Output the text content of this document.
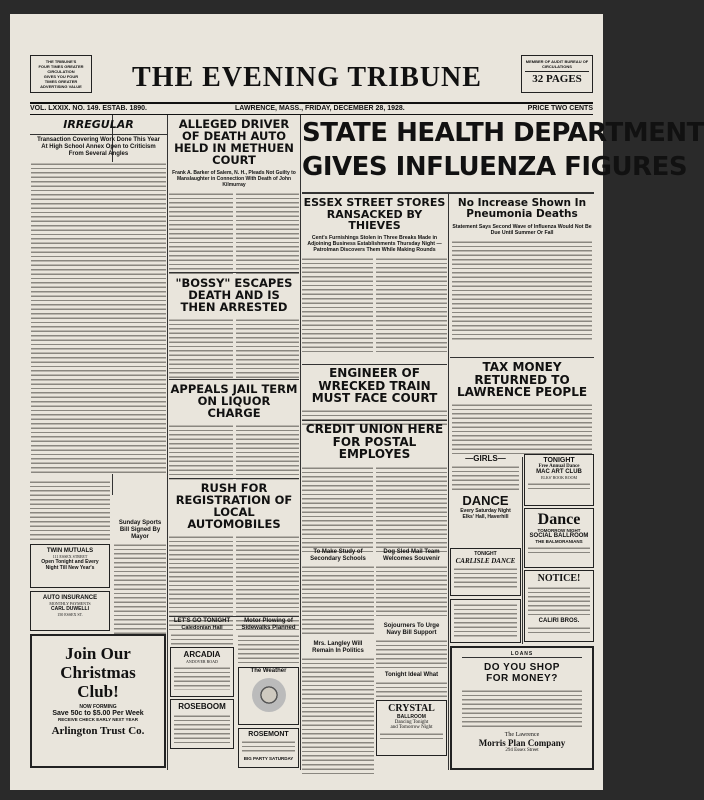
THE TRIBUNE'S
FOUR TIMES GREATER
CIRCULATION
GIVES YOU FOUR
TIMES GREATER
ADVERTISING VALUE	THE EVENING TRIBUNE
MEMBER OF AUDIT BUREAU OF CIRCULATIONS
32 PAGES
VOL. LXXIX. NO. 149. ESTAB. 1890.	LAWRENCE, MASS., FRIDAY, DECEMBER 28, 1928.	PRICE TWO CENTS
IRREGULAR
Transaction Covering Work Done This Year At High School Annex Open to Criticism From Several Angles
TWIN MUTUALS
111 ESSEX STREET
Open Tonight and Every
Night Till New Year's
AUTO INSURANCE
MONTHLY PAYMENTS
CARL DUWELLI
150 ESSEX ST.
Sunday Sports Bill Signed By Mayor
Join Our
Christmas
Club!
NOW FORMING
Save 50c to $5.00 Per Week
RECEIVE CHECK EARLY NEXT YEAR
Arlington Trust Co.
ALLEGED DRIVER OF DEATH AUTO HELD IN METHUEN COURT
Frank A. Barker of Salem, N. H., Pleads Not Guilty to Manslaughter in Connection With Death of John Kilmurray
"BOSSY" ESCAPES DEATH AND IS THEN ARRESTED
APPEALS JAIL TERM ON LIQUOR CHARGE
RUSH FOR REGISTRATION OF LOCAL AUTOMOBILES
LET'S GO TONIGHT
Caledonian Hall
ARCADIA
ANDOVER ROAD
ROSEBOOM
Motor Plowing of Sidewalks Planned
The Weather
ROSEMONT
BIG PARTY SATURDAY
STATE HEALTH DEPARTMENT
GIVES INFLUENZA FIGURES
ESSEX STREET STORES RANSACKED BY THIEVES
Cent's Furnishings Stolen in Three Breaks Made in Adjoining Business Establishments Thursday Night — Patrolman Discovers Them While Making Rounds
No Increase Shown In Pneumonia Deaths
Statement Says Second Wave of Influenza Would Not Be Due Until Summer Or Fall
ENGINEER OF WRECKED TRAIN MUST FACE COURT
TAX MONEY RETURNED TO LAWRENCE PEOPLE
CREDIT UNION HERE FOR POSTAL EMPLOYES
To Make Study of Secondary Schools
Mrs. Langley Will Remain In Politics
Dog Sled Mail Team Welcomes Souvenir
Sojourners To Urge Navy Bill Support
Tonight Ideal What
CRYSTAL
BALLROOM
Dancing Tonight
and Tomorrow Night
—GIRLS—
DANCE
Every Saturday Night
Elks' Hall, Haverhill
TONIGHT
CARLISLE DANCE
TONIGHT
Free Annual Dance
MAC ART CLUB
ELKS' ROOK ROOM
Dance
TOMORROW NIGHT
SOCIAL BALLROOM
THE BALMORANIANS
NOTICE!
CALIRI BROS.
LOANS
DO YOU SHOP
FOR MONEY?
The Lawrence
Morris Plan Company
294 Essex Street
